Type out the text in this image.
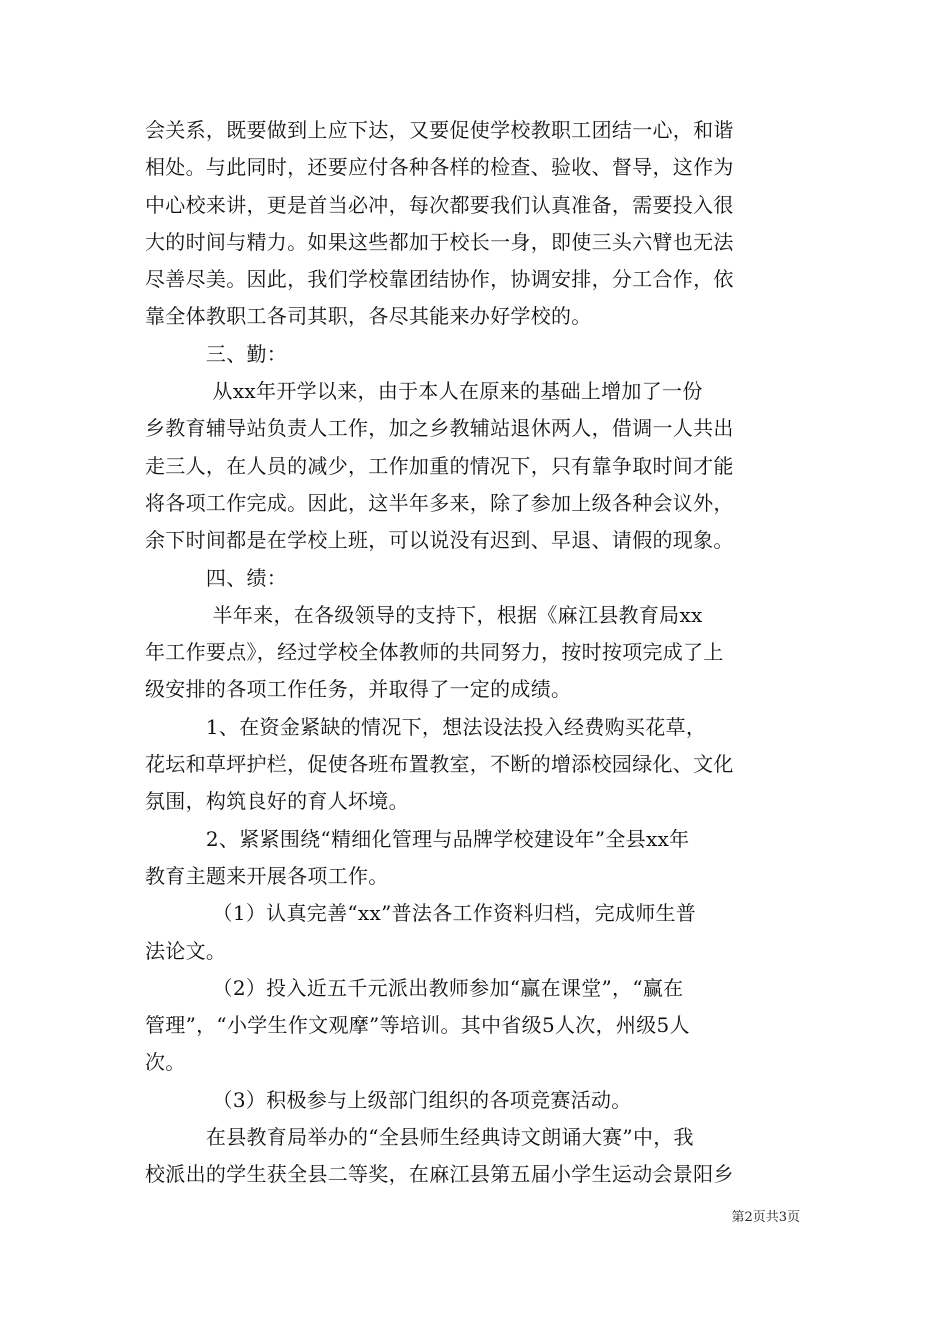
会关系，既要做到上应下达，又要促使学校教职工团结一心，和谐
相处。与此同时，还要应付各种各样的检查、验收、督导，这作为
中心校来讲，更是首当必冲，每次都要我们认真准备，需要投入很
大的时间与精力。如果这些都加于校长一身，即使三头六臂也无法
尽善尽美。因此，我们学校靠团结协作，协调安排，分工合作，依
靠全体教职工各司其职，各尽其能来办好学校的。
　　　三、勤：
　　　 从xx年开学以来，由于本人在原来的基础上增加了一份
乡教育辅导站负责人工作，加之乡教辅站退休两人，借调一人共出
走三人，在人员的减少，工作加重的情况下，只有靠争取时间才能
将各项工作完成。因此，这半年多来，除了参加上级各种会议外，
余下时间都是在学校上班，可以说没有迟到、早退、请假的现象。
　　　四、绩：
　　　 半年来，在各级领导的支持下，根据《麻江县教育局xx
年工作要点》，经过学校全体教师的共同努力，按时按项完成了上
级安排的各项工作任务，并取得了一定的成绩。
　　　1、在资金紧缺的情况下，想法设法投入经费购买花草，
花坛和草坪护栏，促使各班布置教室，不断的增添校园绿化、文化
氛围，构筑良好的育人坏境。
　　　2、紧紧围绕“精细化管理与品牌学校建设年”全县xx年
教育主题来开展各项工作。
　　　 （1）认真完善“xx”普法各工作资料归档，完成师生普
法论文。
　　　 （2）投入近五千元派出教师参加“赢在课堂”，“赢在
管理”，“小学生作文观摩”等培训。其中省级5人次，州级5人
次。
　　　 （3）积极参与上级部门组织的各项竞赛活动。
　　　在县教育局举办的“全县师生经典诗文朗诵大赛”中，我
校派出的学生获全县二等奖，在麻江县第五届小学生运动会景阳乡
第2页共3页
